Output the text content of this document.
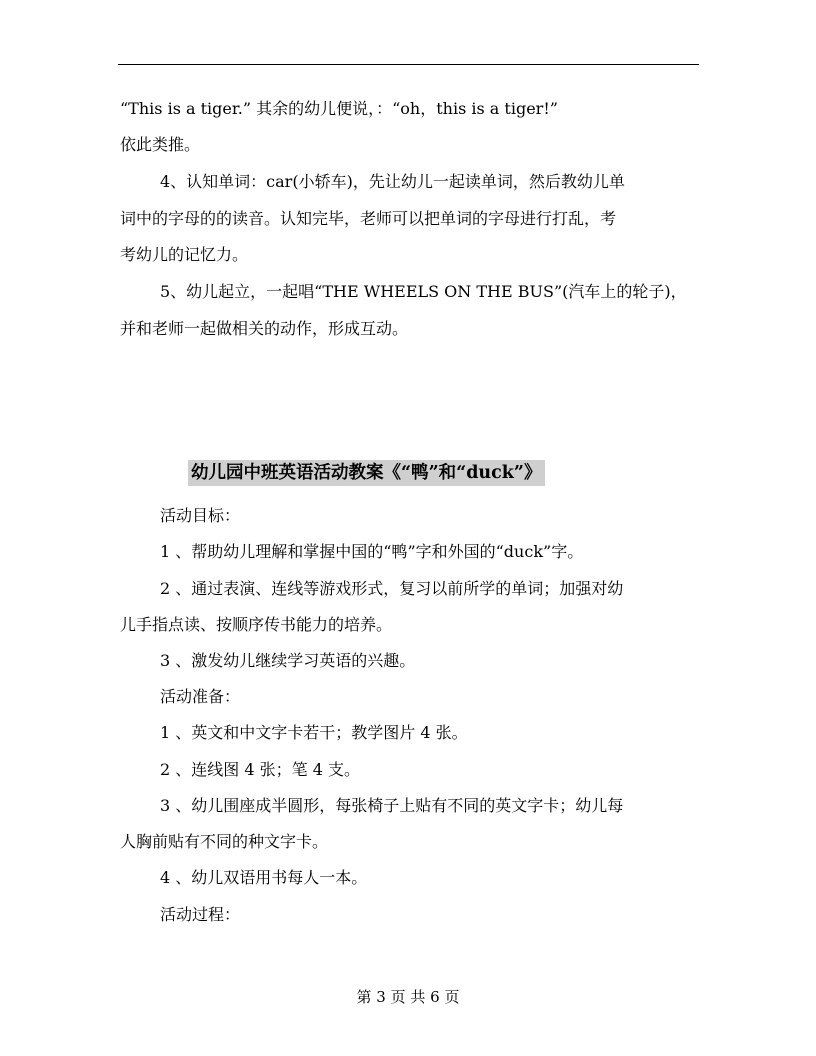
“This is a tiger.” 其余的幼儿便说，：“oh，this is a tiger!”
依此类推。
4、认知单词：car(小轿车)，先让幼儿一起读单词，然后教幼儿单
词中的字母的的读音。认知完毕，老师可以把单词的字母进行打乱，考
考幼儿的记忆力。
5、幼儿起立，一起唱“THE WHEELS ON THE BUS”(汽车上的轮子)，
并和老师一起做相关的动作，形成互动。
幼儿园中班英语活动教案《“鸭”和“duck”》
活动目标：
1 、帮助幼儿理解和掌握中国的“鸭”字和外国的“duck”字。
2 、通过表演、连线等游戏形式，复习以前所学的单词；加强对幼
儿手指点读、按顺序传书能力的培养。
3 、激发幼儿继续学习英语的兴趣。
活动准备：
1 、英文和中文字卡若干；教学图片 4 张。
2 、连线图 4 张；笔 4 支。
3 、幼儿围座成半圆形，每张椅子上贴有不同的英文字卡；幼儿每
人胸前贴有不同的种文字卡。
4 、幼儿双语用书每人一本。
活动过程：
第 3 页 共 6 页
